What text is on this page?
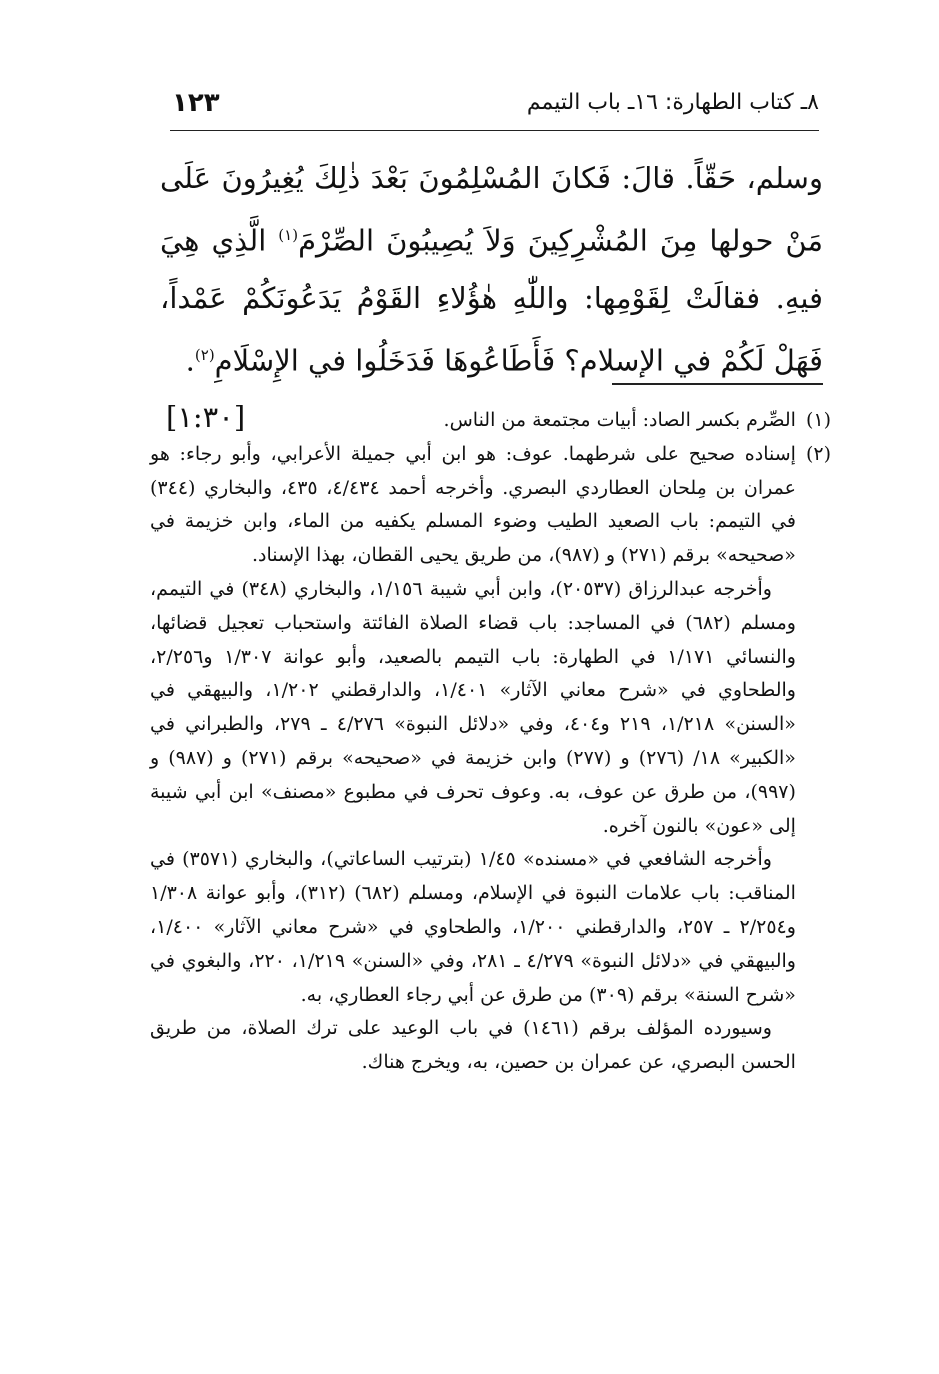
٨ـ كتاب الطهارة: ١٦ـ باب التيمم
١٢٣

وسلم، حَقّاً. قالَ: فَكانَ المُسْلِمُونَ بَعْدَ ذٰلِكَ يُغِيرُونَ عَلَى مَنْ حولها مِنَ المُشْرِكِينَ وَلاَ يُصِيبُونَ الصِّرْمَ$^{(١)}$ الَّذِي هِيَ فيهِ. فقالَتْ لِقَوْمِها: واللّٰهِ هٰؤُلاءِ القَوْمُ يَدَعُونَكُمْ عَمْداً، فَهَلْ لَكُمْ في الإسلام؟ فَأَطَاعُوهَا فَدَخَلُوا في الإِسْلَامِ$^{(٢)}$.
[١:٣٠]	(١)

الصِّرم بكسر الصاد: أبيات مجتمعة من الناس.

(٢)

إسناده صحيح على شرطهما. عوف: هو ابن أبي جميلة الأعرابي، وأبو رجاء: هو عمران بن مِلحان العطاردي البصري. وأخرجه أحمد ٤/٤٣٤، ٤٣٥، والبخاري (٣٤٤) في التيمم: باب الصعيد الطيب وضوء المسلم يكفيه من الماء، وابن خزيمة في «صحيحه» برقم (٢٧١) و (٩٨٧)، من طريق يحيى القطان، بهذا الإسناد.

وأخرجه عبدالرزاق (٢٠٥٣٧)، وابن أبي شيبة ١/١٥٦، والبخاري (٣٤٨) في التيمم، ومسلم (٦٨٢) في المساجد: باب قضاء الصلاة الفائتة واستحباب تعجيل قضائها، والنسائي ١/١٧١ في الطهارة: باب التيمم بالصعيد، وأبو عوانة ١/٣٠٧ و٢/٢٥٦، والطحاوي في «شرح معاني الآثار» ١/٤٠١، والدارقطني ١/٢٠٢، والبيهقي في «السنن» ١/٢١٨، ٢١٩ و٤٠٤، وفي «دلائل النبوة» ٤/٢٧٦ ـ ٢٧٩، والطبراني في «الكبير» ١٨/ (٢٧٦) و (٢٧٧) وابن خزيمة في «صحيحه» برقم (٢٧١) و (٩٨٧) و (٩٩٧)، من طرق عن عوف، به. وعوف تحرف في مطبوع «مصنف» ابن أبي شيبة إلى «عون» بالنون آخره.

وأخرجه الشافعي في «مسنده» ١/٤٥ (بترتيب الساعاتي)، والبخاري (٣٥٧١) في المناقب: باب علامات النبوة في الإسلام، ومسلم (٦٨٢) (٣١٢)، وأبو عوانة ١/٣٠٨ و٢/٢٥٤ ـ ٢٥٧، والدارقطني ١/٢٠٠، والطحاوي في «شرح معاني الآثار» ١/٤٠٠، والبيهقي في «دلائل النبوة» ٤/٢٧٩ ـ ٢٨١، وفي «السنن» ١/٢١٩، ٢٢٠، والبغوي في «شرح السنة» برقم (٣٠٩) من طرق عن أبي رجاء العطاري، به.

وسيورده المؤلف برقم (١٤٦١) في باب الوعيد على ترك الصلاة، من طريق الحسن البصري، عن عمران بن حصين، به، ويخرج هناك.
